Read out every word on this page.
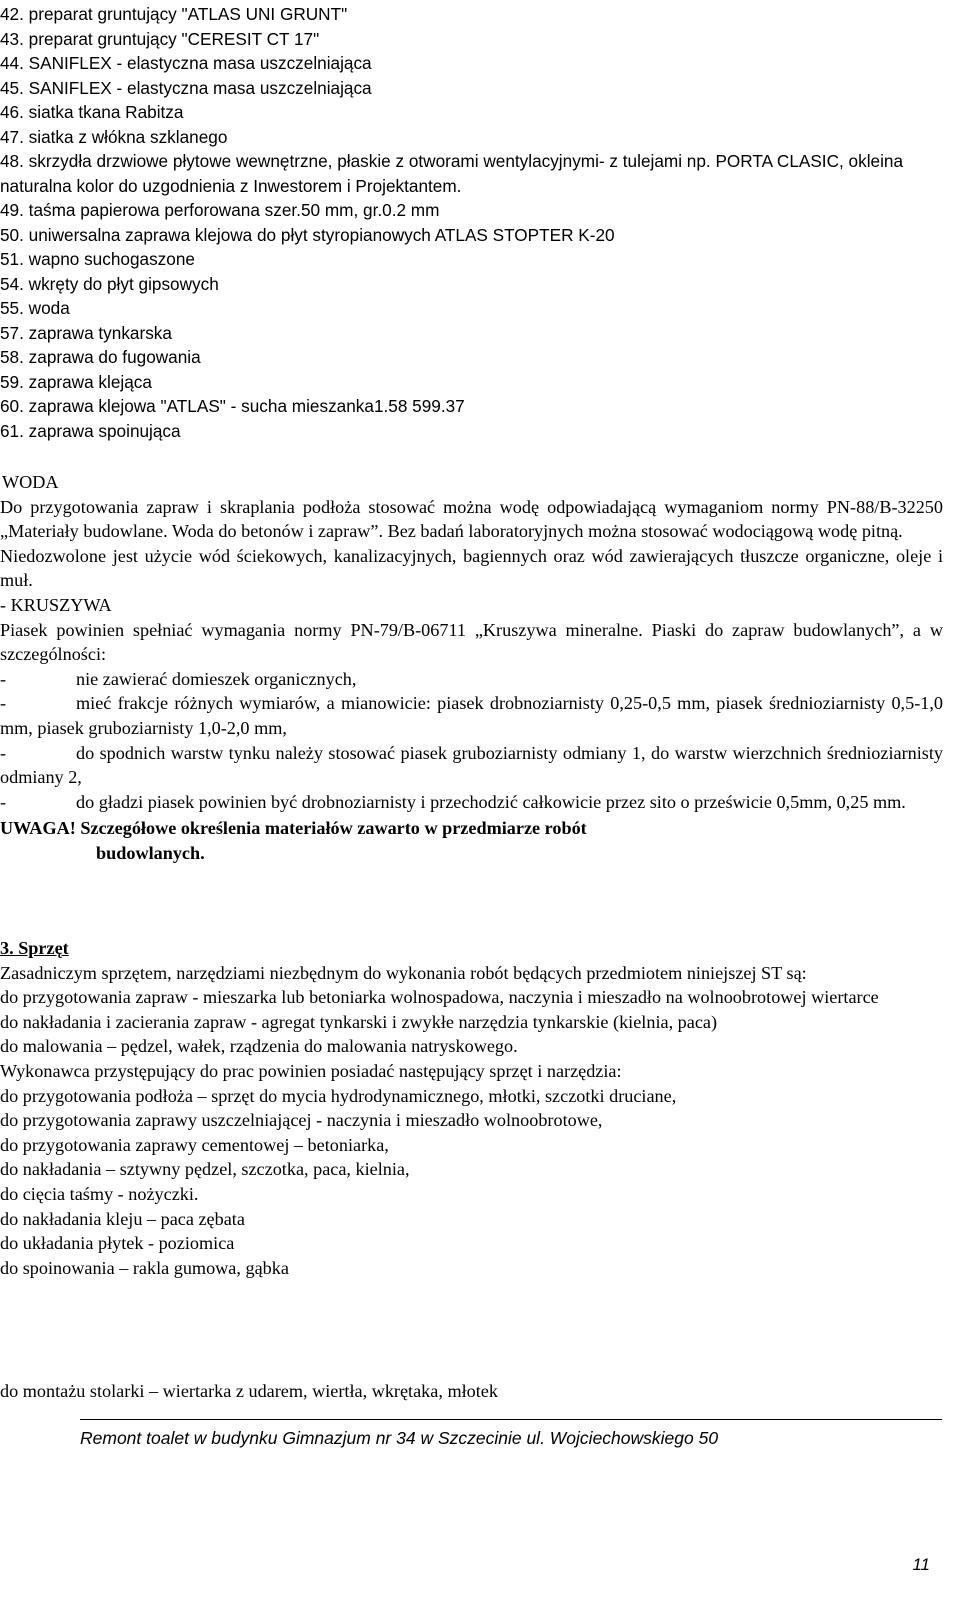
42. preparat gruntujący "ATLAS UNI GRUNT"
43. preparat gruntujący "CERESIT CT 17"
44. SANIFLEX - elastyczna masa uszczelniająca
45. SANIFLEX - elastyczna masa uszczelniająca
46. siatka tkana Rabitza
47. siatka z włókna szklanego
48. skrzydła drzwiowe płytowe wewnętrzne, płaskie z otworami wentylacyjnymi- z tulejami np. PORTA CLASIC, okleina naturalna kolor do uzgodnienia z Inwestorem i Projektantem.
49. taśma papierowa perforowana szer.50 mm, gr.0.2 mm
50. uniwersalna zaprawa klejowa do płyt styropianowych ATLAS STOPTER K-20
51. wapno suchogaszone
54. wkręty do płyt gipsowych
55. woda
57. zaprawa tynkarska
58. zaprawa do fugowania
59. zaprawa klejąca
60. zaprawa klejowa "ATLAS" - sucha mieszanka1.58 599.37
61. zaprawa spoinująca
WODA
Do przygotowania zapraw i skraplania podłoża stosować można wodę odpowiadającą wymaganiom normy PN-88/B-32250 „Materiały budowlane. Woda do betonów i zapraw”. Bez badań laboratoryjnych można stosować wodociągową wodę pitną.
Niedozwolone jest użycie wód ściekowych, kanalizacyjnych, bagiennych oraz wód zawierających tłuszcze organiczne, oleje i muł.
- KRUSZYWA
Piasek powinien spełniać wymagania normy PN-79/B-06711 „Kruszywa mineralne. Piaski do zapraw budowlanych”, a w szczególności:
-	nie zawierać domieszek organicznych,
-	mieć frakcje różnych wymiarów, a mianowicie: piasek drobnoziarnisty 0,25-0,5 mm, piasek średnioziarnisty 0,5-1,0 mm, piasek gruboziarnisty 1,0-2,0 mm,
-	do spodnich warstw tynku należy stosować piasek gruboziarnisty odmiany 1, do warstw wierzchnich średnioziarnisty odmiany 2,
-	do gładzi piasek powinien być drobnoziarnisty i przechodzić całkowicie przez sito o prześwicie 0,5mm, 0,25 mm.
UWAGA! Szczegółowe określenia materiałów zawarto w przedmiarze robót
budowlanych.
3. Sprzęt
Zasadniczym sprzętem, narzędziami niezbędnym do wykonania robót będących przedmiotem niniejszej ST są:
do przygotowania zapraw - mieszarka lub betoniarka wolnospadowa, naczynia i mieszadło na wolnoobrotowej wiertarce
do nakładania i zacierania zapraw - agregat tynkarski i zwykłe narzędzia tynkarskie (kielnia, paca)
do malowania – pędzel, wałek, rządzenia do malowania natryskowego.
Wykonawca przystępujący do prac powinien posiadać następujący sprzęt i narzędzia:
do przygotowania podłoża – sprzęt do mycia hydrodynamicznego, młotki, szczotki druciane,
do przygotowania zaprawy uszczelniającej - naczynia i mieszadło wolnoobrotowe,
do przygotowania zaprawy cementowej – betoniarka,
do nakładania – sztywny pędzel, szczotka, paca, kielnia,
do cięcia taśmy - nożyczki.
do nakładania kleju – paca zębata
do układania płytek - poziomica
do spoinowania – rakla gumowa, gąbka
do montażu stolarki – wiertarka z udarem, wiertła, wkrętaka, młotek
Remont toalet w budynku Gimnazjum nr 34 w Szczecinie ul. Wojciechowskiego 50
11
